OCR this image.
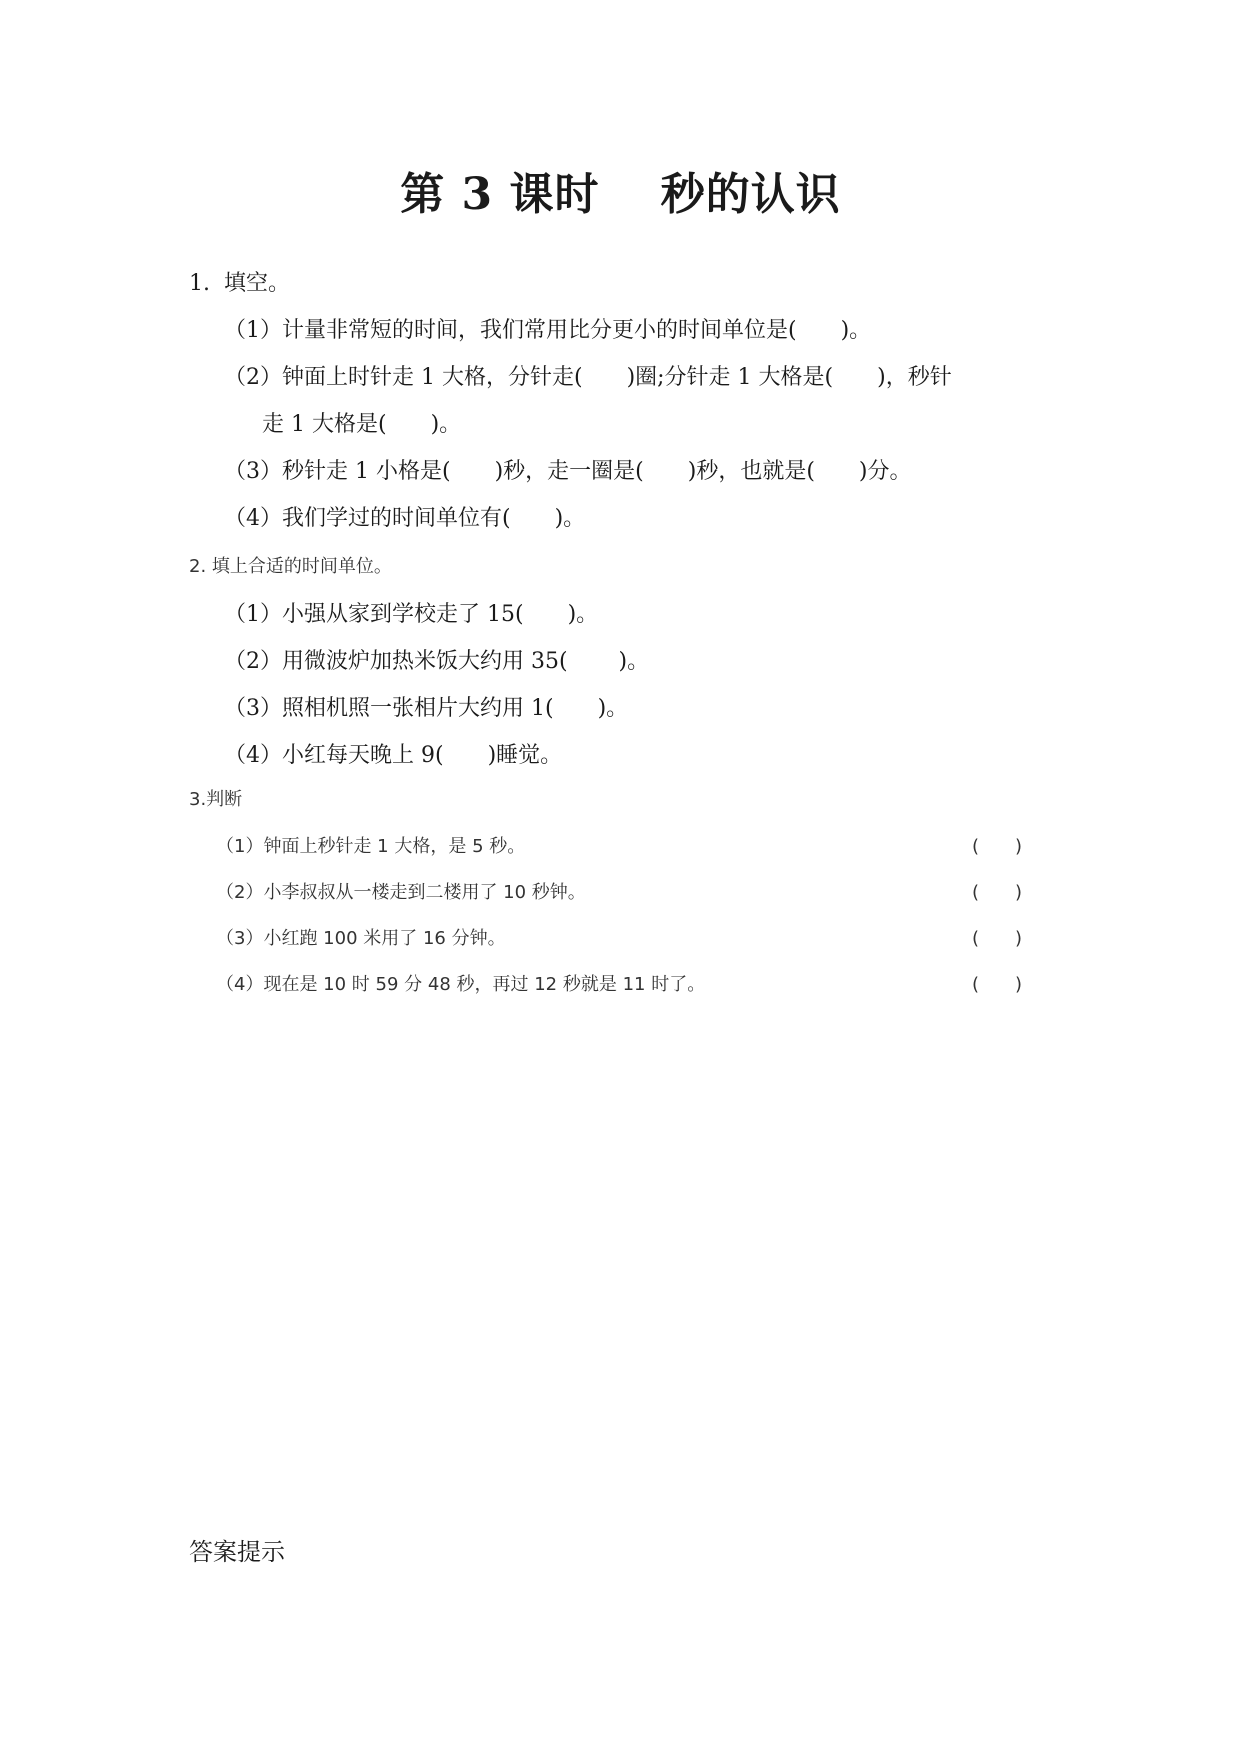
第 3 课时　 秒的认识

1.  填空。

（1）计量非常短的时间，我们常用比分更小的时间单位是(　　)。

（2）钟面上时针走 1 大格，分针走(　　)圈;分针走 1 大格是(　　)，秒针

走 1 大格是(　　)。

（3）秒针走 1 小格是(　　)秒，走一圈是(　　)秒，也就是(　　)分。

（4）我们学过的时间单位有(　　)。

2. 填上合适的时间单位。

（1）小强从家到学校走了 15(　　)。

（2）用微波炉加热米饭大约用 35(　　 )。

（3）照相机照一张相片大约用 1(　　)。

（4）小红每天晚上 9(　　)睡觉。

3.判断

（1）钟面上秒针走 1 大格，是 5 秒。	(　　)

（2）小李叔叔从一楼走到二楼用了 10 秒钟。	(　　)

（3）小红跑 100 米用了 16 分钟。	(　　)

（4）现在是 10 时 59 分 48 秒，再过 12 秒就是 11 时了。	(　　)

答案提示
